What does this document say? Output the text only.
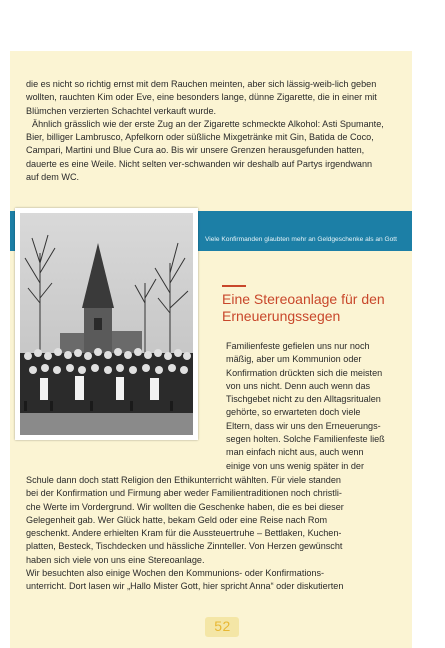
die es nicht so richtig ernst mit dem Rauchen meinten, aber sich lässig-weib-lich geben wollten, rauchten Kim oder Eve, eine besonders lange, dünne Zigarette, die in einer mit Blümchen verzierten Schachtel verkauft wurde.

Ähnlich grässlich wie der erste Zug an der Zigarette schmeckte Alkohol: Asti Spumante, Bier, billiger Lambrusco, Apfelkorn oder süßliche Mixgetränke mit Gin, Batida de Coco, Campari, Martini und Blue Cura ao. Bis wir unsere Grenzen herausgefunden hatten, dauerte es eine Weile. Nicht selten ver-schwanden wir deshalb auf Partys irgendwann auf dem WC.

Viele Konfirmanden glaubten mehr an Geldgeschenke als an Gott
Eine Stereoanlage für den
Erneuerungssegen
Familienfeste gefielen uns nur noch
mäßig, aber um Kommunion oder
Konfirmation drückten sich die meisten
von uns nicht. Denn auch wenn das
Tischgebet nicht zu den Alltagsritualen
gehörte, so erwarteten doch viele
Eltern, dass wir uns den Erneuerungs-
segen holten. Solche Familienfeste ließ
man einfach nicht aus, auch wenn
einige von uns wenig später in der
Schule dann doch statt Religion den Ethikunterricht wählten. Für viele standen
bei der Konfirmation und Firmung aber weder Familientraditionen noch christli-
che Werte im Vordergrund. Wir wollten die Geschenke haben, die es bei dieser
Gelegenheit gab. Wer Glück hatte, bekam Geld oder eine Reise nach Rom
geschenkt. Andere erhielten Kram für die Aussteuertruhe – Bettlaken, Kuchen-
platten, Besteck, Tischdecken und hässliche Zinnteller. Von Herzen gewünscht
haben sich viele von uns eine Stereoanlage.
Wir besuchten also einige Wochen den Kommunions- oder Konfirmations-
unterricht. Dort lasen wir „Hallo Mister Gott, hier spricht Anna“ oder diskutierten
52
